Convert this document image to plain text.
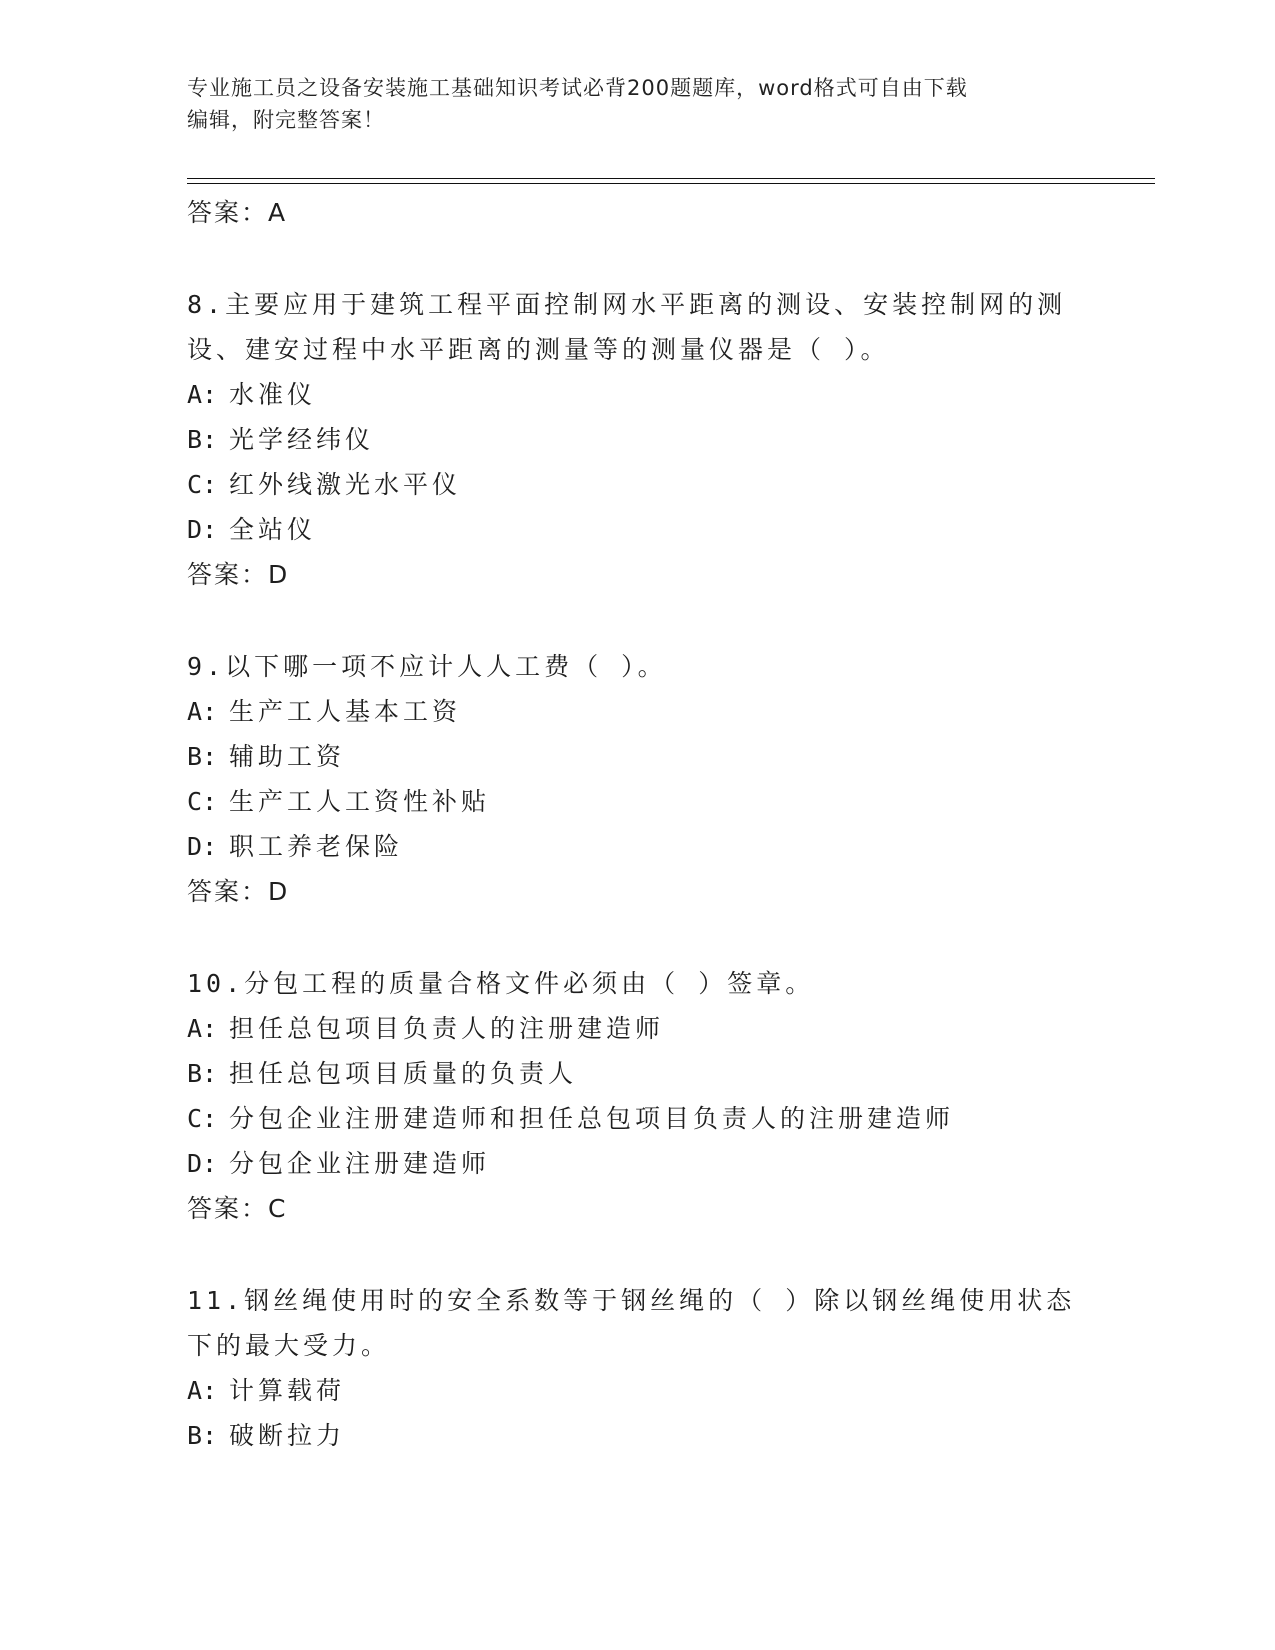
专业施工员之设备安装施工基础知识考试必背200题题库，word格式可自由下载
编辑，附完整答案！
答案：A
8.主要应用于建筑工程平面控制网水平距离的测设、安装控制网的测设、建安过程中水平距离的测量等的测量仪器是（ ）。
A: 水准仪
B: 光学经纬仪
C: 红外线激光水平仪
D: 全站仪
答案：D
9.以下哪一项不应计人人工费（ ）。
A: 生产工人基本工资
B: 辅助工资
C: 生产工人工资性补贴
D: 职工养老保险
答案：D
10.分包工程的质量合格文件必须由（ ）签章。
A: 担任总包项目负责人的注册建造师
B: 担任总包项目质量的负责人
C: 分包企业注册建造师和担任总包项目负责人的注册建造师
D: 分包企业注册建造师
答案：C
11.钢丝绳使用时的安全系数等于钢丝绳的（ ）除以钢丝绳使用状态下的最大受力。
A: 计算载荷
B: 破断拉力
